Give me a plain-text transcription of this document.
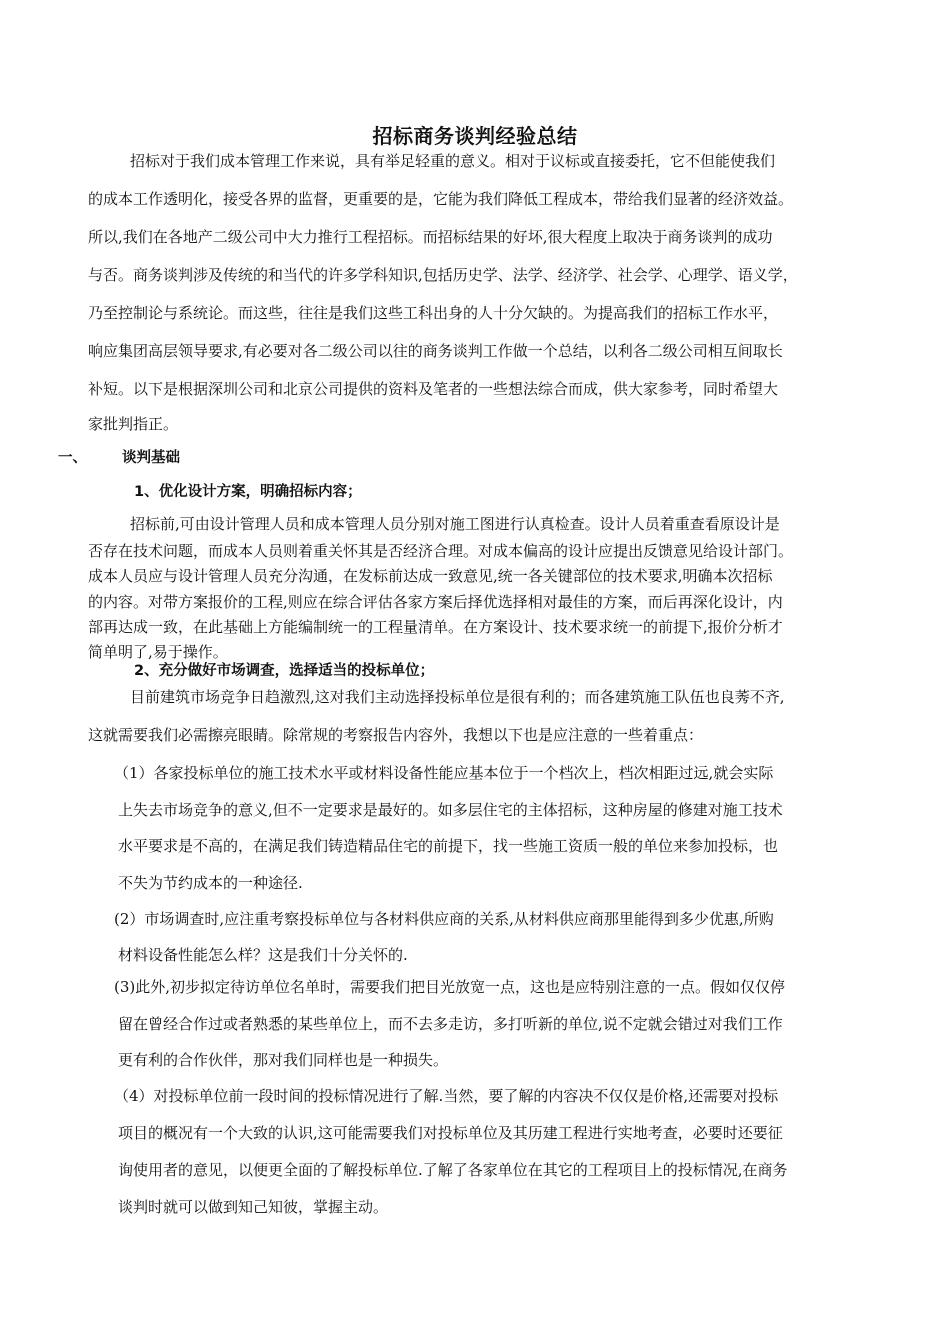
招标商务谈判经验总结
招标对于我们成本管理工作来说，具有举足轻重的意义。相对于议标或直接委托，它不但能使我们
的成本工作透明化，接受各界的监督，更重要的是，它能为我们降低工程成本，带给我们显著的经济效益。
所以,我们在各地产二级公司中大力推行工程招标。而招标结果的好坏,很大程度上取决于商务谈判的成功
与否。商务谈判涉及传统的和当代的许多学科知识,包括历史学、法学、经济学、社会学、心理学、语义学，
乃至控制论与系统论。而这些，往往是我们这些工科出身的人十分欠缺的。为提高我们的招标工作水平，
响应集团高层领导要求,有必要对各二级公司以往的商务谈判工作做一个总结，以利各二级公司相互间取长
补短。以下是根据深圳公司和北京公司提供的资料及笔者的一些想法综合而成，供大家参考，同时希望大
家批判指正。
一、 谈判基础
1、优化设计方案，明确招标内容；
招标前,可由设计管理人员和成本管理人员分别对施工图进行认真检查。设计人员着重查看原设计是
否存在技术问题，而成本人员则着重关怀其是否经济合理。对成本偏高的设计应提出反馈意见给设计部门。
成本人员应与设计管理人员充分沟通，在发标前达成一致意见,统一各关键部位的技术要求,明确本次招标
的内容。对带方案报价的工程,则应在综合评估各家方案后择优选择相对最佳的方案，而后再深化设计，内
部再达成一致，在此基础上方能编制统一的工程量清单。在方案设计、技术要求统一的前提下,报价分析才
简单明了,易于操作。
2、充分做好市场调查，选择适当的投标单位；
目前建筑市场竞争日趋激烈,这对我们主动选择投标单位是很有利的；而各建筑施工队伍也良莠不齐,
这就需要我们必需擦亮眼睛。除常规的考察报告内容外，我想以下也是应注意的一些着重点：
（1）各家投标单位的施工技术水平或材料设备性能应基本位于一个档次上，档次相距过远,就会实际
上失去市场竞争的意义,但不一定要求是最好的。如多层住宅的主体招标，这种房屋的修建对施工技术
水平要求是不高的，在满足我们铸造精品住宅的前提下，找一些施工资质一般的单位来参加投标，也
不失为节约成本的一种途径.
(2）市场调查时,应注重考察投标单位与各材料供应商的关系,从材料供应商那里能得到多少优惠,所购
材料设备性能怎么样？这是我们十分关怀的.
(3)此外,初步拟定待访单位名单时，需要我们把目光放宽一点，这也是应特别注意的一点。假如仅仅停
留在曾经合作过或者熟悉的某些单位上，而不去多走访，多打听新的单位,说不定就会错过对我们工作
更有利的合作伙伴，那对我们同样也是一种损失。
（4）对投标单位前一段时间的投标情况进行了解.当然，要了解的内容决不仅仅是价格,还需要对投标
项目的概况有一个大致的认识,这可能需要我们对投标单位及其历建工程进行实地考查，必要时还要征
询使用者的意见，以便更全面的了解投标单位.了解了各家单位在其它的工程项目上的投标情况,在商务
谈判时就可以做到知己知彼，掌握主动。
